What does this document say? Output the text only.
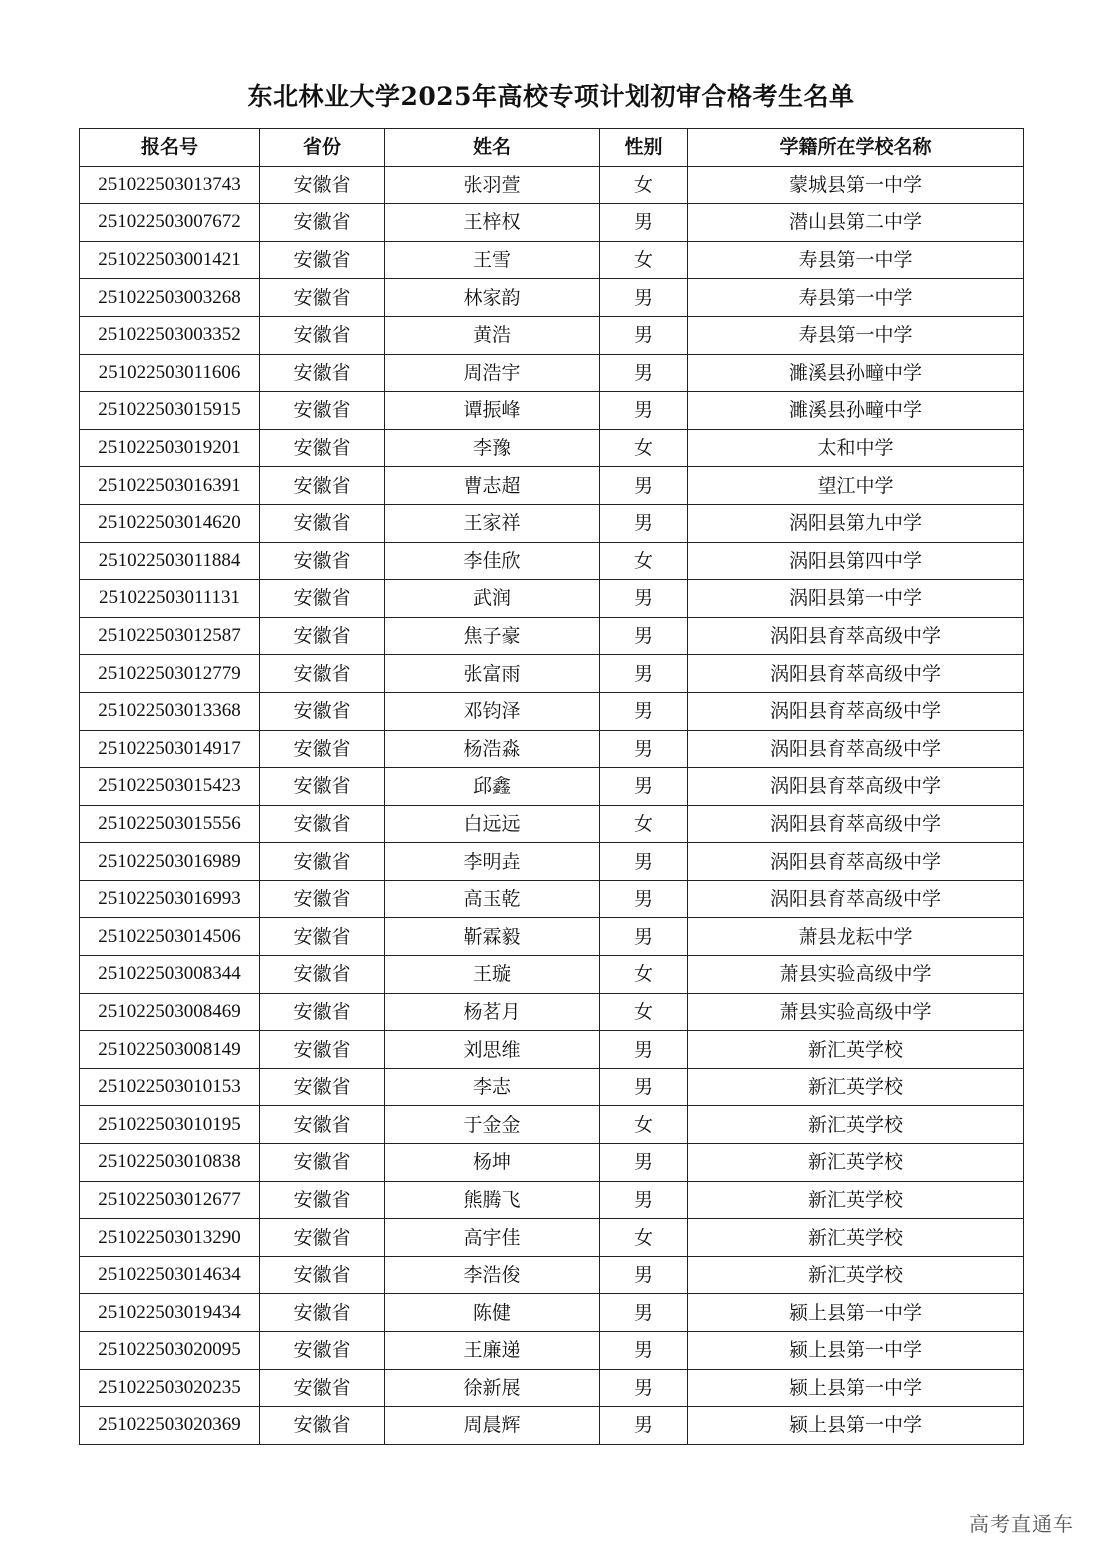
东北林业大学2025年高校专项计划初审合格考生名单
报名号	省份	姓名	性别	学籍所在学校名称
251022503013743	安徽省	张羽萱	女	蒙城县第一中学
251022503007672	安徽省	王梓权	男	潜山县第二中学
251022503001421	安徽省	王雪	女	寿县第一中学
251022503003268	安徽省	林家韵	男	寿县第一中学
251022503003352	安徽省	黄浩	男	寿县第一中学
251022503011606	安徽省	周浩宇	男	濉溪县孙疃中学
251022503015915	安徽省	谭振峰	男	濉溪县孙疃中学
251022503019201	安徽省	李豫	女	太和中学
251022503016391	安徽省	曹志超	男	望江中学
251022503014620	安徽省	王家祥	男	涡阳县第九中学
251022503011884	安徽省	李佳欣	女	涡阳县第四中学
251022503011131	安徽省	武润	男	涡阳县第一中学
251022503012587	安徽省	焦子豪	男	涡阳县育萃高级中学
251022503012779	安徽省	张富雨	男	涡阳县育萃高级中学
251022503013368	安徽省	邓钧泽	男	涡阳县育萃高级中学
251022503014917	安徽省	杨浩淼	男	涡阳县育萃高级中学
251022503015423	安徽省	邱鑫	男	涡阳县育萃高级中学
251022503015556	安徽省	白远远	女	涡阳县育萃高级中学
251022503016989	安徽省	李明垚	男	涡阳县育萃高级中学
251022503016993	安徽省	高玉乾	男	涡阳县育萃高级中学
251022503014506	安徽省	靳霖毅	男	萧县龙耘中学
251022503008344	安徽省	王璇	女	萧县实验高级中学
251022503008469	安徽省	杨茗月	女	萧县实验高级中学
251022503008149	安徽省	刘思维	男	新汇英学校
251022503010153	安徽省	李志	男	新汇英学校
251022503010195	安徽省	于金金	女	新汇英学校
251022503010838	安徽省	杨坤	男	新汇英学校
251022503012677	安徽省	熊腾飞	男	新汇英学校
251022503013290	安徽省	高宇佳	女	新汇英学校
251022503014634	安徽省	李浩俊	男	新汇英学校
251022503019434	安徽省	陈健	男	颍上县第一中学
251022503020095	安徽省	王廉递	男	颍上县第一中学
251022503020235	安徽省	徐新展	男	颍上县第一中学
251022503020369	安徽省	周晨辉	男	颍上县第一中学
高考直通车
